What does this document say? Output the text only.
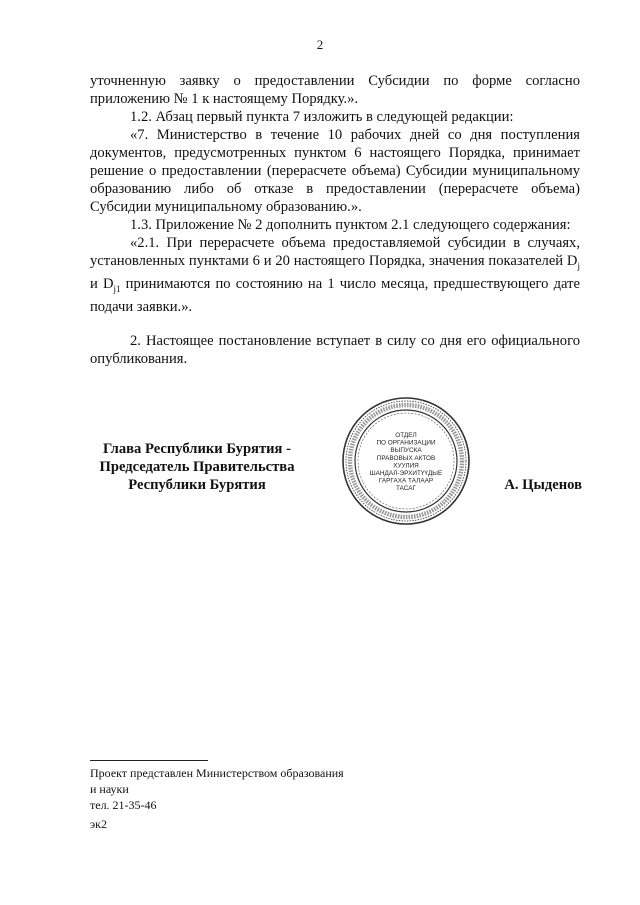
2

уточненную заявку о предоставлении Субсидии по форме согласно приложению № 1 к настоящему Порядку.».

1.2. Абзац первый пункта 7 изложить в следующей редакции:

«7. Министерство в течение 10 рабочих дней со дня поступления документов, предусмотренных пунктом 6 настоящего Порядка, принимает решение о предоставлении (перерасчете объема) Субсидии муниципальному образованию либо об отказе в предоставлении (перерасчете объема) Субсидии муниципальному образованию.».

1.3. Приложение № 2 дополнить пунктом 2.1 следующего содержания:

«2.1. При перерасчете объема предоставляемой субсидии в случаях, установленных пунктами 6 и 20 настоящего Порядка, значения показателей $D_j$ и $D_{j1}$ принимаются по состоянию на 1 число месяца, предшествующего дате подачи заявки.».

2. Настоящее постановление вступает в силу со дня его официального опубликования.

Глава Республики Бурятия -
Председатель Правительства
Республики Бурятия
ОТДЕЛ
ПО ОРГАНИЗАЦИИ
ВЫПУСКА
ПРАВОВЫХ АКТОВ
ХУУЛИЯ
ШАНДАЛ-ЭРХИТҮҮДЫЕ
ГАРГАХА ТАЛААР
ТАСАГ	А. Цыденов
Проект представлен Министерством образования
и науки
тел. 21-35-46
эк2
